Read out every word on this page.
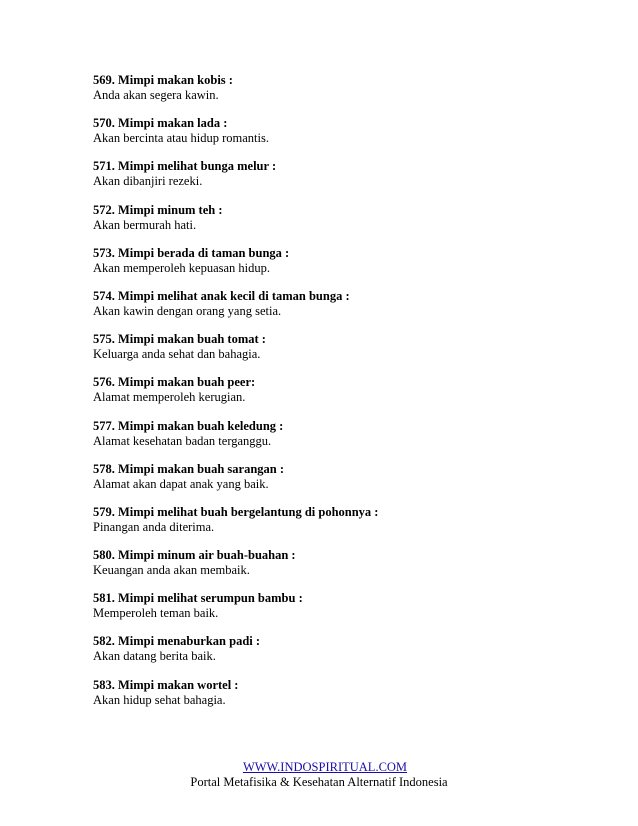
569. Mimpi makan kobis :
Anda akan segera kawin.
570. Mimpi makan lada :
Akan bercinta atau hidup romantis.
571. Mimpi melihat bunga melur :
Akan dibanjiri rezeki.
572. Mimpi minum teh :
Akan bermurah hati.
573. Mimpi berada di taman bunga :
Akan memperoleh kepuasan hidup.
574. Mimpi melihat anak kecil di taman bunga :
Akan kawin dengan orang yang setia.
575. Mimpi makan buah tomat :
Keluarga anda sehat dan bahagia.
576. Mimpi makan buah peer:
Alamat memperoleh kerugian.
577. Mimpi makan buah keledung :
Alamat kesehatan badan terganggu.
578. Mimpi makan buah sarangan :
Alamat akan dapat anak yang baik.
579. Mimpi melihat buah bergelantung di pohonnya :
Pinangan anda diterima.
580. Mimpi minum air buah-buahan :
Keuangan anda akan membaik.
581. Mimpi melihat serumpun bambu :
Memperoleh teman baik.
582. Mimpi menaburkan padi :
Akan datang berita baik.
583. Mimpi makan wortel :
Akan hidup sehat bahagia.
WWW.INDOSPIRITUAL.COM
Portal Metafisika & Kesehatan Alternatif Indonesia
